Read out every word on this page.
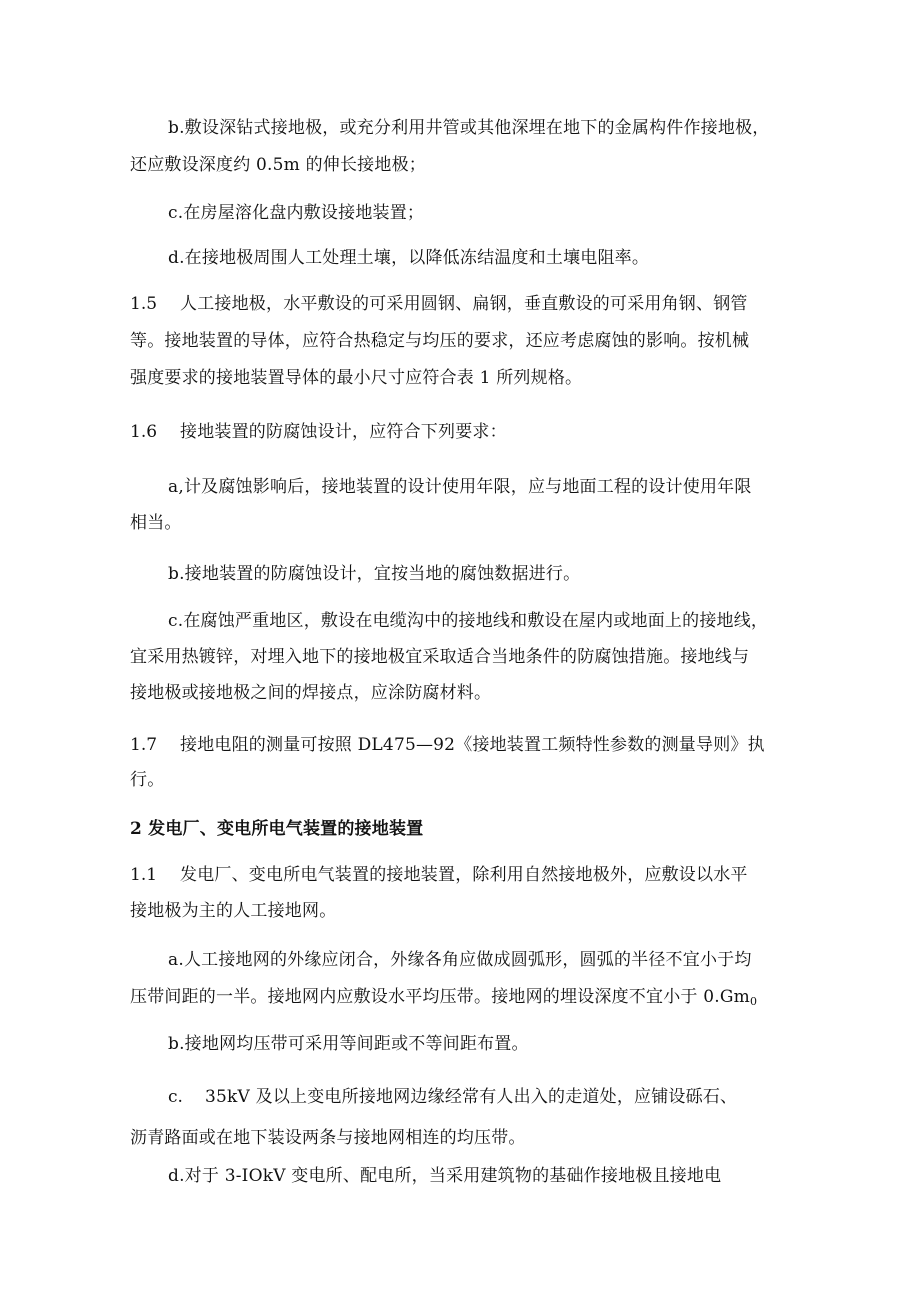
b.敷设深钻式接地极，或充分利用井管或其他深埋在地下的金属构件作接地极，
还应敷设深度约 0.5m 的伸长接地极；
c.在房屋溶化盘内敷设接地装置；
d.在接地极周围人工处理土壤，以降低冻结温度和土壤电阻率。
1.5 人工接地极，水平敷设的可采用圆钢、扁钢，垂直敷设的可采用角钢、钢管
等。接地装置的导体，应符合热稳定与均压的要求，还应考虑腐蚀的影响。按机械
强度要求的接地装置导体的最小尺寸应符合表 1 所列规格。
1.6 接地装置的防腐蚀设计，应符合下列要求：
a,计及腐蚀影响后，接地装置的设计使用年限，应与地面工程的设计使用年限
相当。
b.接地装置的防腐蚀设计，宜按当地的腐蚀数据进行。
c.在腐蚀严重地区，敷设在电缆沟中的接地线和敷设在屋内或地面上的接地线，
宜采用热镀锌，对埋入地下的接地极宜采取适合当地条件的防腐蚀措施。接地线与
接地极或接地极之间的焊接点，应涂防腐材料。
1.7 接地电阻的测量可按照 DL475—92《接地装置工频特性参数的测量导则》执
行。
2 发电厂、变电所电气装置的接地装置
1.1 发电厂、变电所电气装置的接地装置，除利用自然接地极外，应敷设以水平
接地极为主的人工接地网。
a.人工接地网的外缘应闭合，外缘各角应做成圆弧形，圆弧的半径不宜小于均
压带间距的一半。接地网内应敷设水平均压带。接地网的埋设深度不宜小于 $0.Gm_0$
b.接地网均压带可采用等间距或不等间距布置。
c. 35kV 及以上变电所接地网边缘经常有人出入的走道处，应铺设砾石、
沥青路面或在地下装设两条与接地网相连的均压带。
d.对于 3-IOkV 变电所、配电所，当采用建筑物的基础作接地极且接地电
